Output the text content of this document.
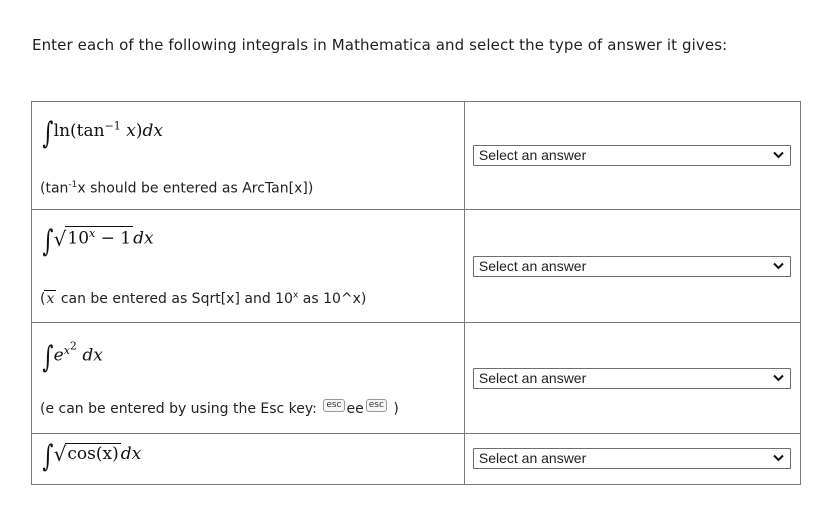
Enter each of the following integrals in Mathematica and select the type of answer it gives:
$\int\ln(\tan^{-1}$ x)dx
($\tan^{-1}x$ should be entered as ArcTan[x])	Select an answer

$\int√10^x - 1$ dx
(x can be entered as Sqrt[x] and 10$^x$ as 10^x)	Select an answer

$\int e^{x^2}$ dx
(e can be entered by using the Esc key: esc ee esc )	Select an answer

∫√cos(x) dx	Select an answer
